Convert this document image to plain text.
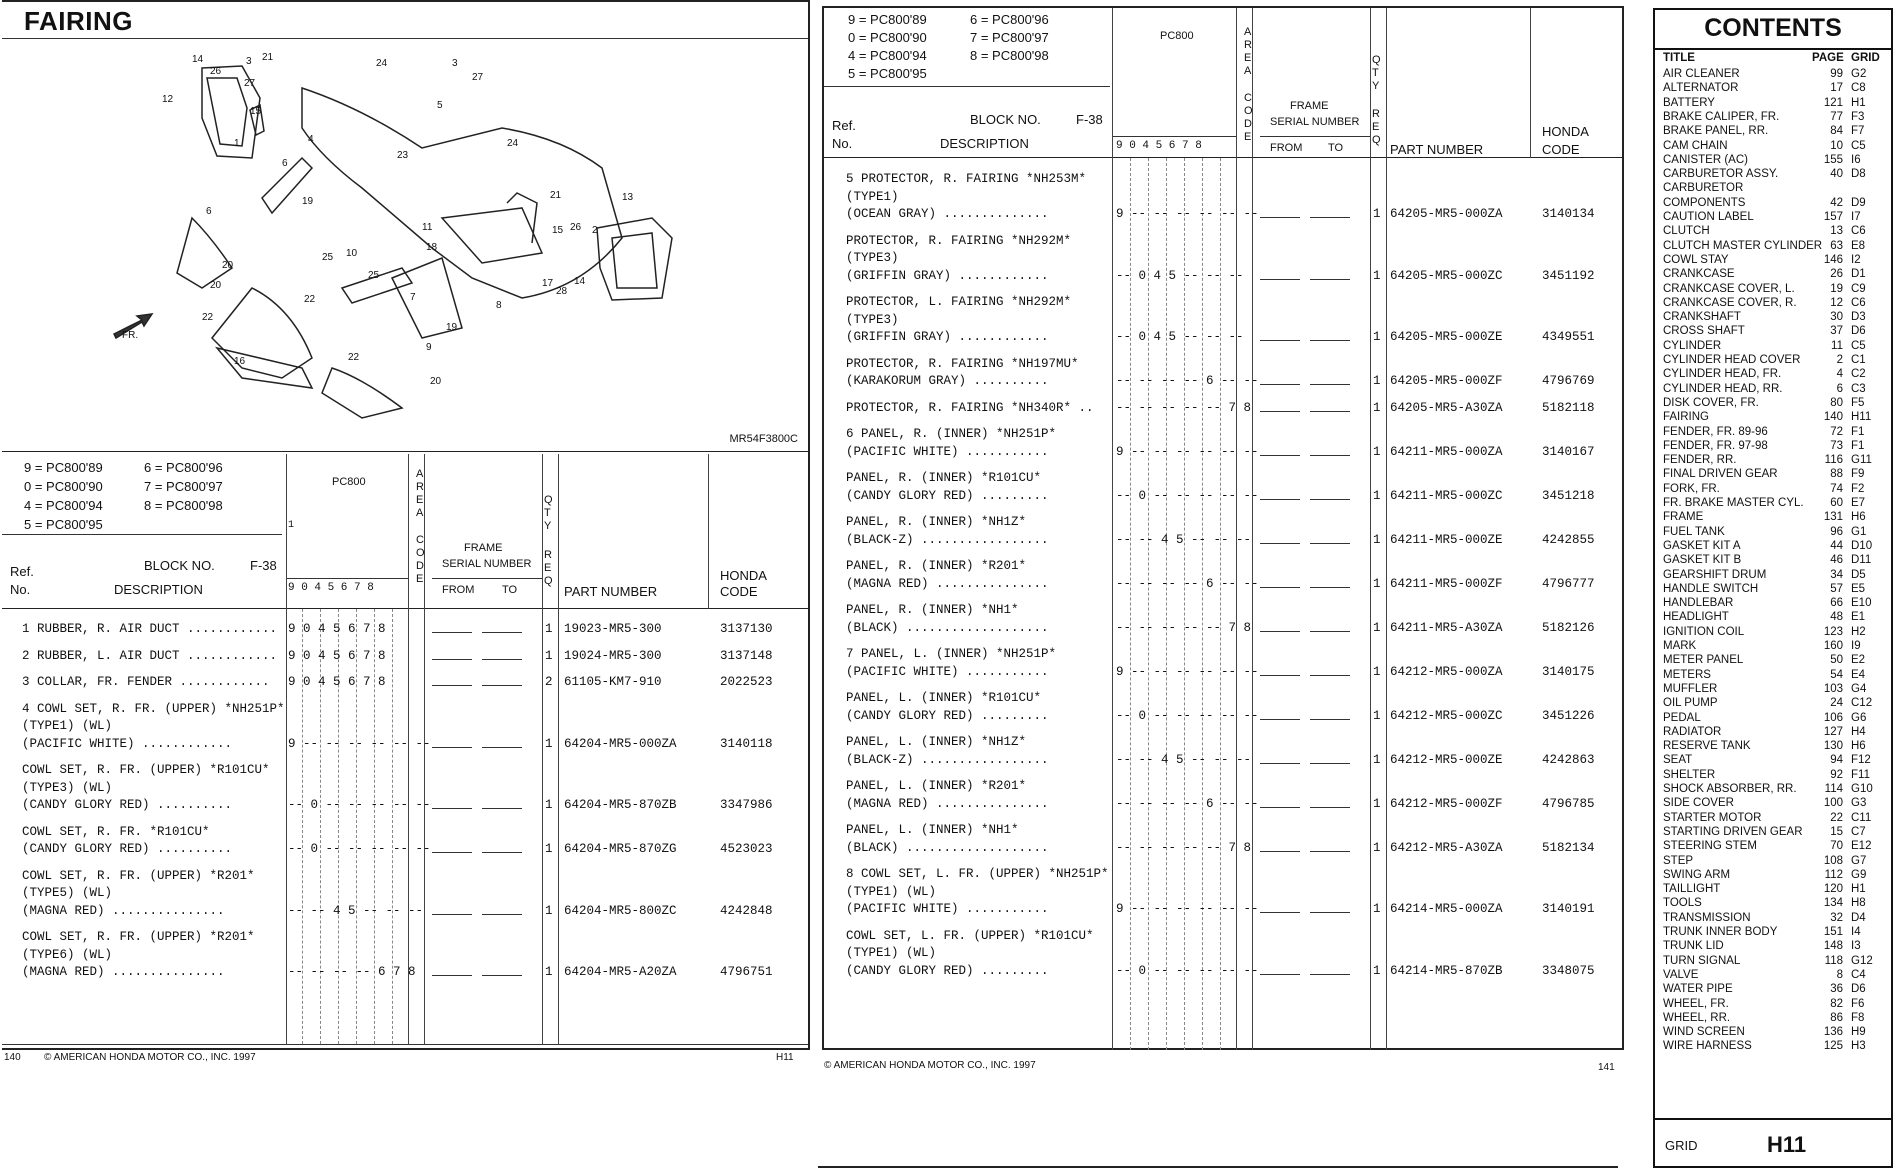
FAIRING
14
26
3 21
27
15
12
1
24	3
27
5
23
24
6
19
4
21	13
15 26 2
11
18
25 10
25
7
8
19
6
20
20
22
22
16	22
9
20
17
28
14
FR.
MR54F3800C
9 = PC800'89	6 = PC800'96
0 = PC800'90	7 = PC800'97
4 = PC800'94	8 = PC800'98
5 = PC800'95
Ref.
No.
BLOCK NO.	F-38
DESCRIPTION
PC800
FRAME
SERIAL NUMBER
FROM	TO
QTY
REQ
AREA
CODE
PART NUMBER
HONDA
CODE
1
9 0 4 5 6 7 8
1 RUBBER, R. AIR DUCT ............ 9 0 4 5 6 7 8	1 19023-MR5-300	3137130
2 RUBBER, L. AIR DUCT ............ 9 0 4 5 6 7 8	1 19024-MR5-300	3137148
3 COLLAR, FR. FENDER ............ 9 0 4 5 6 7 8	2 61105-KM7-910	2022523
4 COWL SET, R. FR. (UPPER) *NH251P*
(TYPE1) (WL)
(PACIFIC WHITE) ............	9 -- -- -- -- -- --	1 64204-MR5-000ZA	3140118
COWL SET, R. FR. (UPPER) *R101CU*
(TYPE3) (WL)
(CANDY GLORY RED) ..........	-- 0 -- -- -- -- --	1 64204-MR5-870ZB	3347986
COWL SET, R. FR. *R101CU*
(CANDY GLORY RED) ..........	-- 0 -- -- -- -- --	1 64204-MR5-870ZG	4523023
COWL SET, R. FR. (UPPER) *R201*
(TYPE5) (WL)
(MAGNA RED) ...............	-- -- 4 5 -- -- --	1 64204-MR5-800ZC	4242848
COWL SET, R. FR. (UPPER) *R201*
(TYPE6) (WL)
(MAGNA RED) ...............	-- -- -- -- 6 7 8	1 64204-MR5-A20ZA	4796751
140 © AMERICAN HONDA MOTOR CO., INC. 1997	H11
9 = PC800'89	6 = PC800'96
0 = PC800'90	7 = PC800'97
4 = PC800'94	8 = PC800'98
5 = PC800'95
Ref.
No.
BLOCK NO.	F-38
DESCRIPTION
PC800
FRAME
SERIAL NUMBER
FROM TO
QTY
REQ
AREA
CODE
PART NUMBER
HONDA
CODE
9 0 4 5 6 7 8
5 PROTECTOR, R. FAIRING *NH253M*
(TYPE1)
(OCEAN GRAY) ..............	9 -- -- -- -- -- --	1 64205-MR5-000ZA	3140134
PROTECTOR, R. FAIRING *NH292M*
(TYPE3)
(GRIFFIN GRAY) ............	-- 0 4 5 -- -- --	1 64205-MR5-000ZC	3451192
PROTECTOR, L. FAIRING *NH292M*
(TYPE3)
(GRIFFIN GRAY) ............	-- 0 4 5 -- -- --	1 64205-MR5-000ZE	4349551
PROTECTOR, R. FAIRING *NH197MU*
(KARAKORUM GRAY) ..........	-- -- -- -- 6 -- --	1 64205-MR5-000ZF	4796769
PROTECTOR, R. FAIRING *NH340R* .. -- -- -- -- -- 7 8	1 64205-MR5-A30ZA	5182118
6 PANEL, R. (INNER) *NH251P*
(PACIFIC WHITE) ...........	9 -- -- -- -- -- --	1 64211-MR5-000ZA	3140167
PANEL, R. (INNER) *R101CU*
(CANDY GLORY RED) .........	-- 0 -- -- -- -- --	1 64211-MR5-000ZC	3451218
PANEL, R. (INNER) *NH1Z*
(BLACK-Z) .................	-- -- 4 5 -- -- --	1 64211-MR5-000ZE	4242855
PANEL, R. (INNER) *R201*
(MAGNA RED) ...............	-- -- -- -- 6 -- --	1 64211-MR5-000ZF	4796777
PANEL, R. (INNER) *NH1*
(BLACK) ...................	-- -- -- -- -- 7 8	1 64211-MR5-A30ZA	5182126
7 PANEL, L. (INNER) *NH251P*
(PACIFIC WHITE) ...........	9 -- -- -- -- -- --	1 64212-MR5-000ZA	3140175
PANEL, L. (INNER) *R101CU*
(CANDY GLORY RED) .........	-- 0 -- -- -- -- --	1 64212-MR5-000ZC	3451226
PANEL, L. (INNER) *NH1Z*
(BLACK-Z) .................	-- -- 4 5 -- -- --	1 64212-MR5-000ZE	4242863
PANEL, L. (INNER) *R201*
(MAGNA RED) ...............	-- -- -- -- 6 -- --	1 64212-MR5-000ZF	4796785
PANEL, L. (INNER) *NH1*
(BLACK) ...................	-- -- -- -- -- 7 8	1 64212-MR5-A30ZA	5182134
8 COWL SET, L. FR. (UPPER) *NH251P*
(TYPE1) (WL)
(PACIFIC WHITE) ...........	9 -- -- -- -- -- --	1 64214-MR5-000ZA	3140191
COWL SET, L. FR. (UPPER) *R101CU*
(TYPE1) (WL)
(CANDY GLORY RED) .........	-- 0 -- -- -- -- --	1 64214-MR5-870ZB	3348075
© AMERICAN HONDA MOTOR CO., INC. 1997	141
CONTENTS
TITLE	PAGE GRID
AIR CLEANER	99 G2
ALTERNATOR	17 C8
BATTERY	121 H1
BRAKE CALIPER, FR.	77 F3
BRAKE PANEL, RR.	84 F7
CAM CHAIN	10 C5
CANISTER (AC)	155 I6
CARBURETOR ASSY.	40 D8
CARBURETOR
COMPONENTS	42 D9
CAUTION LABEL	157 I7
CLUTCH	13 C6
CLUTCH MASTER CYLINDER 63 E8
COWL STAY	146 I2
CRANKCASE	26 D1
CRANKCASE COVER, L.	19 C9
CRANKCASE COVER, R.	12 C6
CRANKSHAFT	30 D3
CROSS SHAFT	37 D6
CYLINDER	11 C5
CYLINDER HEAD COVER	2 C1
CYLINDER HEAD, FR.	4 C2
CYLINDER HEAD, RR.	6 C3
DISK COVER, FR.	80 F5
FAIRING	140 H11
FENDER, FR. 89-96	72 F1
FENDER, FR. 97-98	73 F1
FENDER, RR.	116 G11
FINAL DRIVEN GEAR	88 F9
FORK, FR.	74 F2
FR. BRAKE MASTER CYL. 60 E7
FRAME	131 H6
FUEL TANK	96 G1
GASKET KIT A	44 D10
GASKET KIT B	46 D11
GEARSHIFT DRUM	34 D5
HANDLE SWITCH	57 E5
HANDLEBAR	66 E10
HEADLIGHT	48 E1
IGNITION COIL	123 H2
MARK	160 I9
METER PANEL	50 E2
METERS	54 E4
MUFFLER	103 G4
OIL PUMP	24 C12
PEDAL	106 G6
RADIATOR	127 H4
RESERVE TANK	130 H6
SEAT	94 F12
SHELTER	92 F11
SHOCK ABSORBER, RR. 114 G10
SIDE COVER	100 G3
STARTER MOTOR	22 C11
STARTING DRIVEN GEAR 15 C7
STEERING STEM	70 E12
STEP	108 G7
SWING ARM	112 G9
TAILLIGHT	120 H1
TOOLS	134 H8
TRANSMISSION	32 D4
TRUNK INNER BODY	151 I4
TRUNK LID	148 I3
TURN SIGNAL	118 G12
VALVE	8 C4
WATER PIPE	36 D6
WHEEL, FR.	82 F6
WHEEL, RR.	86 F8
WIND SCREEN	136 H9
WIRE HARNESS	125 H3
GRID	H11
